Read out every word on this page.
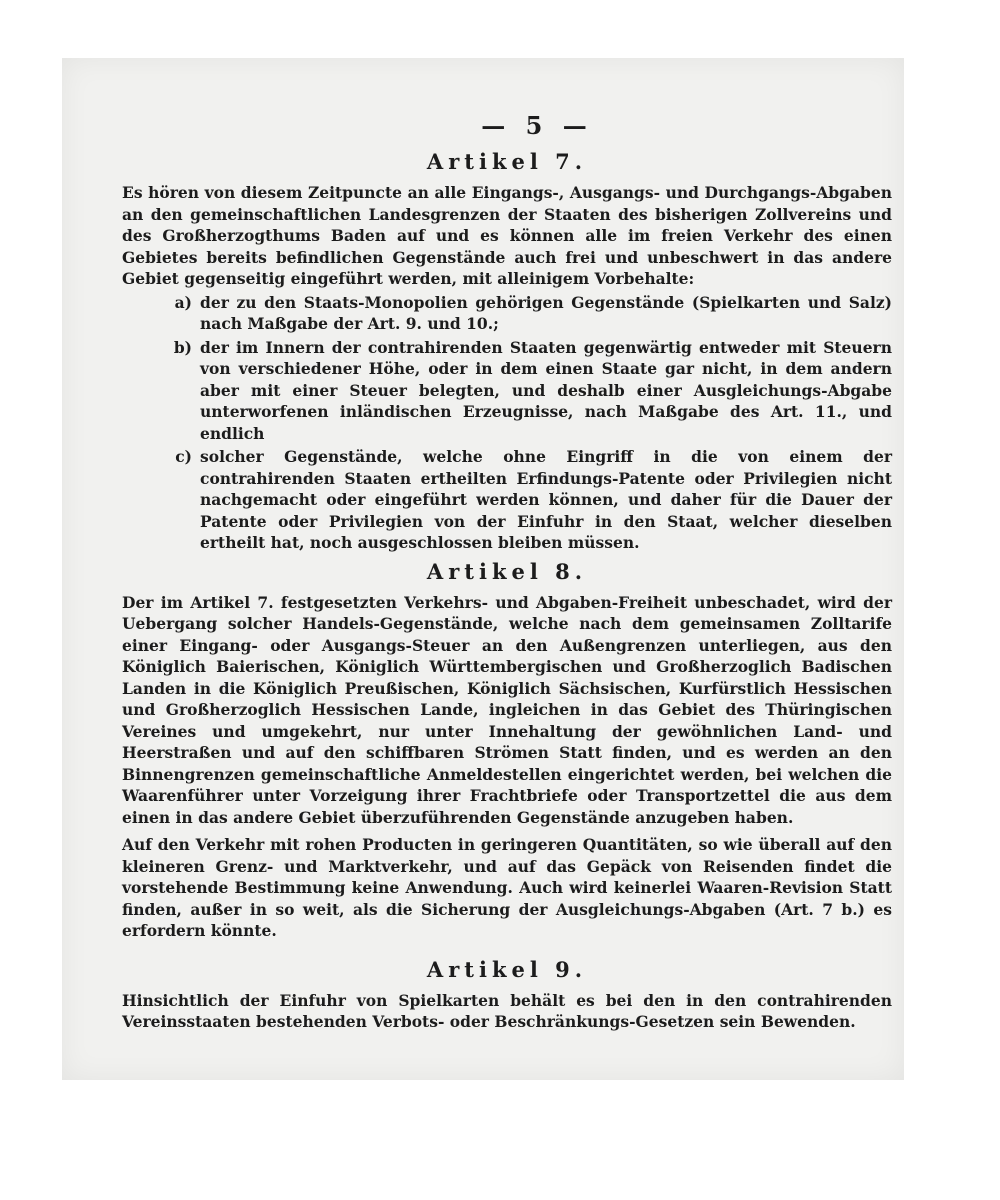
— 5 —
Artikel 7.

Es hören von diesem Zeitpuncte an alle Eingangs-, Ausgangs- und Durchgangs-Abgaben an den gemeinschaftlichen Landesgrenzen der Staaten des bisherigen Zollvereins und des Großherzogthums Baden auf und es können alle im freien Verkehr des einen Gebietes bereits befindlichen Gegenstände auch frei und unbeschwert in das andere Gebiet gegenseitig eingeführt werden, mit alleinigem Vorbehalte:

a) der zu den Staats-Monopolien gehörigen Gegenstände (Spielkarten und Salz) nach Maßgabe der Art. 9. und 10.;
b) der im Innern der contrahirenden Staaten gegenwärtig entweder mit Steuern von verschiedener Höhe, oder in dem einen Staate gar nicht, in dem andern aber mit einer Steuer belegten, und deshalb einer Ausgleichungs-Abgabe unterworfenen inländischen Erzeugnisse, nach Maßgabe des Art. 11., und endlich
c) solcher Gegenstände, welche ohne Eingriff in die von einem der contrahirenden Staaten ertheilten Erfindungs-Patente oder Privilegien nicht nachgemacht oder eingeführt werden können, und daher für die Dauer der Patente oder Privilegien von der Einfuhr in den Staat, welcher dieselben ertheilt hat, noch ausgeschlossen bleiben müssen.
Artikel 8.

Der im Artikel 7. festgesetzten Verkehrs- und Abgaben-Freiheit unbeschadet, wird der Uebergang solcher Handels-Gegenstände, welche nach dem gemeinsamen Zolltarife einer Eingang- oder Ausgangs-Steuer an den Außengrenzen unterliegen, aus den Königlich Baierischen, Königlich Württembergischen und Großherzoglich Badischen Landen in die Königlich Preußischen, Königlich Sächsischen, Kurfürstlich Hessischen und Großherzoglich Hessischen Lande, ingleichen in das Gebiet des Thüringischen Vereines und umgekehrt, nur unter Innehaltung der gewöhnlichen Land- und Heerstraßen und auf den schiffbaren Strömen Statt finden, und es werden an den Binnengrenzen gemeinschaftliche Anmeldestellen eingerichtet werden, bei welchen die Waarenführer unter Vorzeigung ihrer Frachtbriefe oder Transportzettel die aus dem einen in das andere Gebiet überzuführenden Gegenstände anzugeben haben.

Auf den Verkehr mit rohen Producten in geringeren Quantitäten, so wie überall auf den kleineren Grenz- und Marktverkehr, und auf das Gepäck von Reisenden findet die vorstehende Bestimmung keine Anwendung. Auch wird keinerlei Waaren-Revision Statt finden, außer in so weit, als die Sicherung der Ausgleichungs-Abgaben (Art. 7 b.) es erfordern könnte.

Artikel 9.

Hinsichtlich der Einfuhr von Spielkarten behält es bei den in den contrahirenden Vereinsstaaten bestehenden Verbots- oder Beschränkungs-Gesetzen sein Bewenden.
